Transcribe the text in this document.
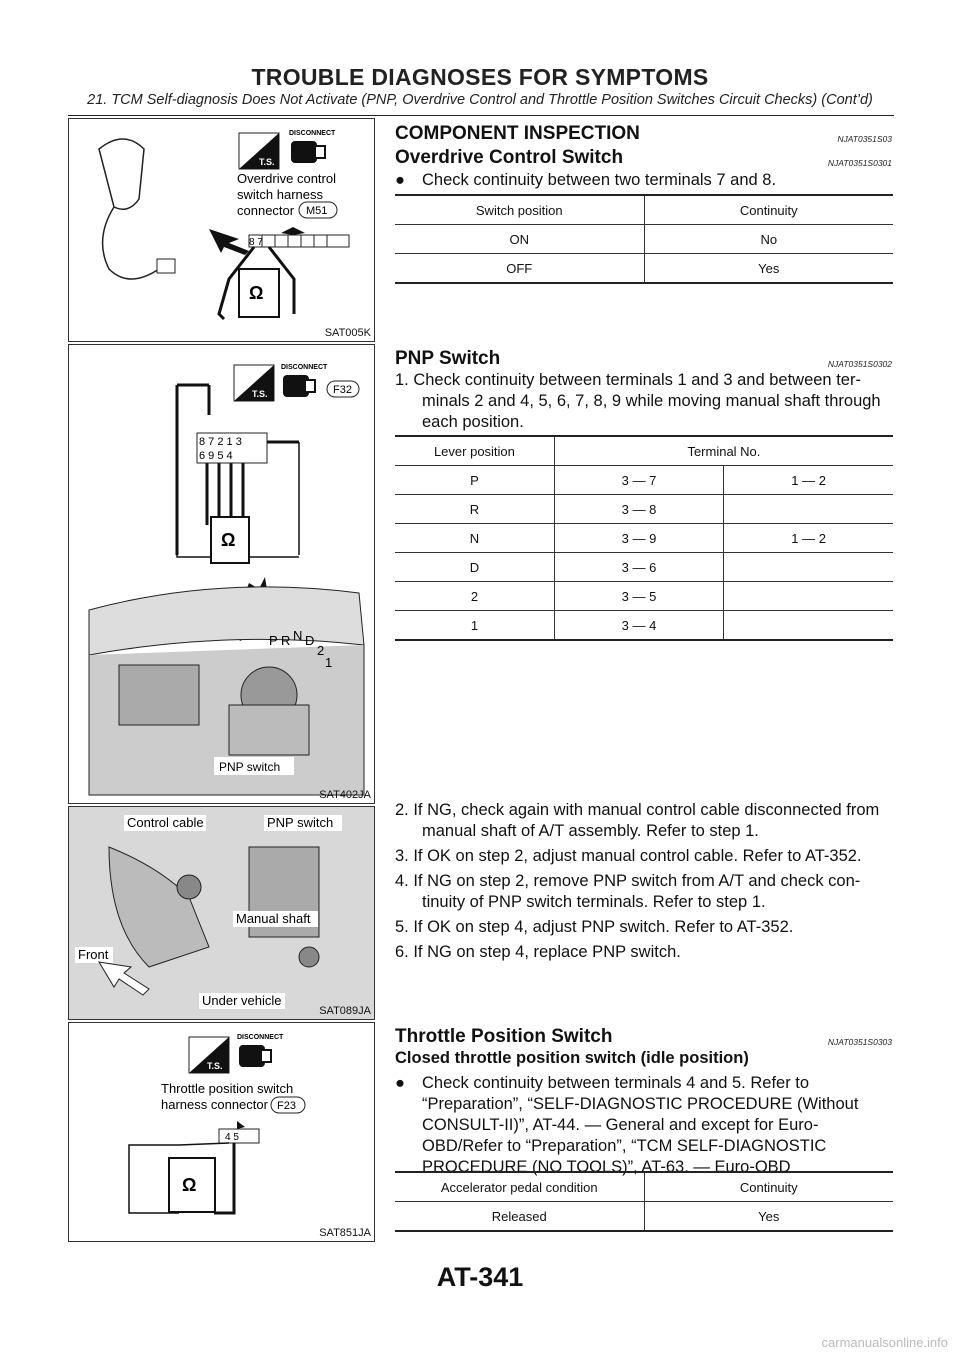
TROUBLE DIAGNOSES FOR SYMPTOMS
21. TCM Self-diagnosis Does Not Activate (PNP, Overdrive Control and Throttle Position Switches Circuit Checks) (Cont’d)
T.S.
DISCONNECT
Overdrive control
switch harness
connector M51
8 7
Ω
SAT005K
T.S.
DISCONNECT
F32
8 7 2 1 3
6 9 5 4
Ω
P R N D
2
1
PNP switch
SAT402JA
Control cable	PNP switch
Manual shaft
Front
Under vehicle
SAT089JA
T.S.
DISCONNECT
Throttle position switch
harness connector F23
4 5
Ω
SAT851JA
COMPONENT INSPECTION	NJAT0351S03
Overdrive Control Switch	NJAT0351S0301
● Check continuity between two terminals 7 and 8.
Switch position	Continuity
ON	No
OFF	Yes
PNP Switch	NJAT0351S0302
1. Check continuity between terminals 1 and 3 and between ter-minals 2 and 4, 5, 6, 7, 8, 9 while moving manual shaft through each position.
Lever position	Terminal No.	
P	3 — 7	1 — 2
R	3 — 8	
N	3 — 9	1 — 2
D	3 — 6	
2	3 — 5	
1	3 — 4	
2. If NG, check again with manual control cable disconnected from manual shaft of A/T assembly. Refer to step 1.
3. If OK on step 2, adjust manual control cable. Refer to AT-352.
4. If NG on step 2, remove PNP switch from A/T and check con-tinuity of PNP switch terminals. Refer to step 1.
5. If OK on step 4, adjust PNP switch. Refer to AT-352.
6. If NG on step 4, replace PNP switch.
Throttle Position Switch	NJAT0351S0303
Closed throttle position switch (idle position)
● Check continuity between terminals 4 and 5. Refer to “Preparation”, “SELF-DIAGNOSTIC PROCEDURE (Without CONSULT-II)”, AT-44. — General and except for Euro-OBD/Refer to “Preparation”, “TCM SELF-DIAGNOSTIC PROCEDURE (NO TOOLS)”, AT-63. — Euro-OBD
Accelerator pedal condition	Continuity
Released	Yes
AT-341
carmanualsonline.info
